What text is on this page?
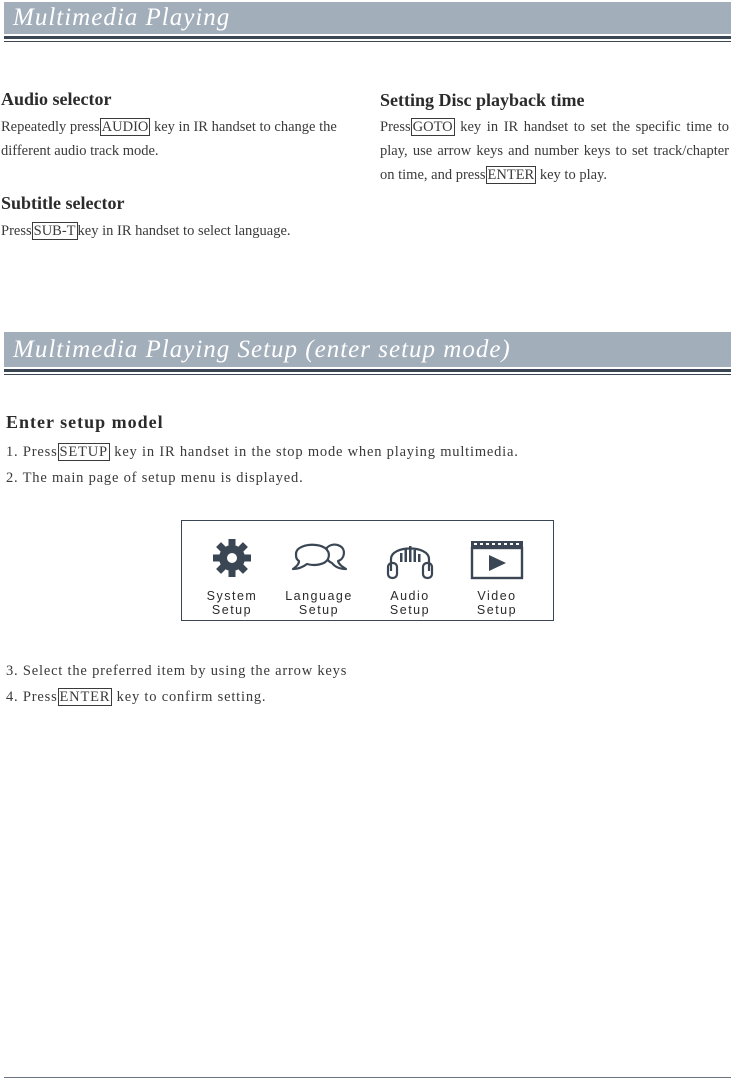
Multimedia Playing
Audio selector

Repeatedly press AUDIO key in IR handset to change the different audio track mode.

Subtitle selector

Press SUB-T key in IR handset to select language.

Setting Disc playback time

Press GOTO key in IR handset to set the specific time to play, use arrow keys and number keys to set track/chapter on time, and press ENTER key to play.

Multimedia Playing Setup (enter setup mode)
Enter setup model

1. Press SETUP key in IR handset in the stop mode when playing multimedia.

2. The main page of setup menu is displayed.

System
Setup
Language
Setup
Audio
Setup
Video
Setup

3. Select the preferred item by using the arrow keys

4. Press ENTER key to confirm setting.
